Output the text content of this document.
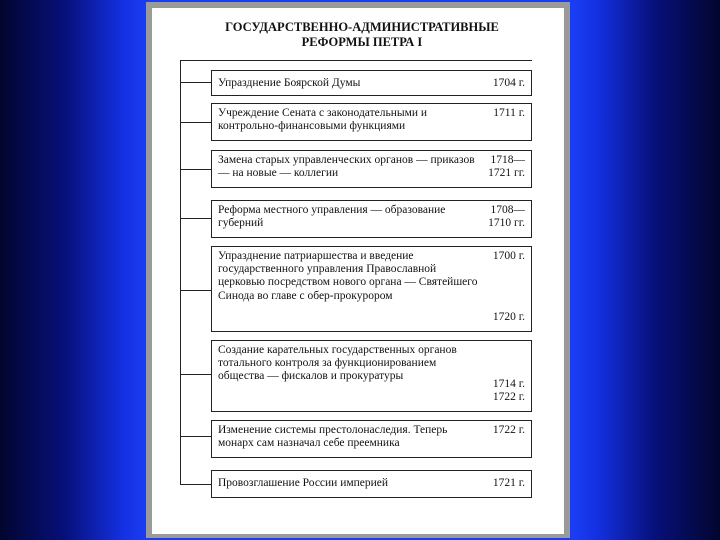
ГОСУДАРСТВЕННО-АДМИНИСТРАТИВНЫЕ
РЕФОРМЫ ПЕТРА I
Упразднение Боярской Думы	1704 г.
Учреждение Сената с законодательными и контрольно-финансовыми функциями
1711 г.
Замена старых управленческих органов — приказов — на новые — коллегии
1718—
1721 гг.
Реформа местного управления — образование губерний
1708—
1710 гг.
Упразднение патриаршества и введение государственного управления Православной церковью посредством нового органа — Святейшего Синода во главе с обер-прокурором
1700 г.
1720 г.
Создание карательных государственных органов тотального контроля за функционированием общества — фискалов и прокуратуры
1714 г.
1722 г.
Изменение системы престолонаследия. Теперь монарх сам назначал себе преемника
1722 г.
Провозглашение России империей	1721 г.
